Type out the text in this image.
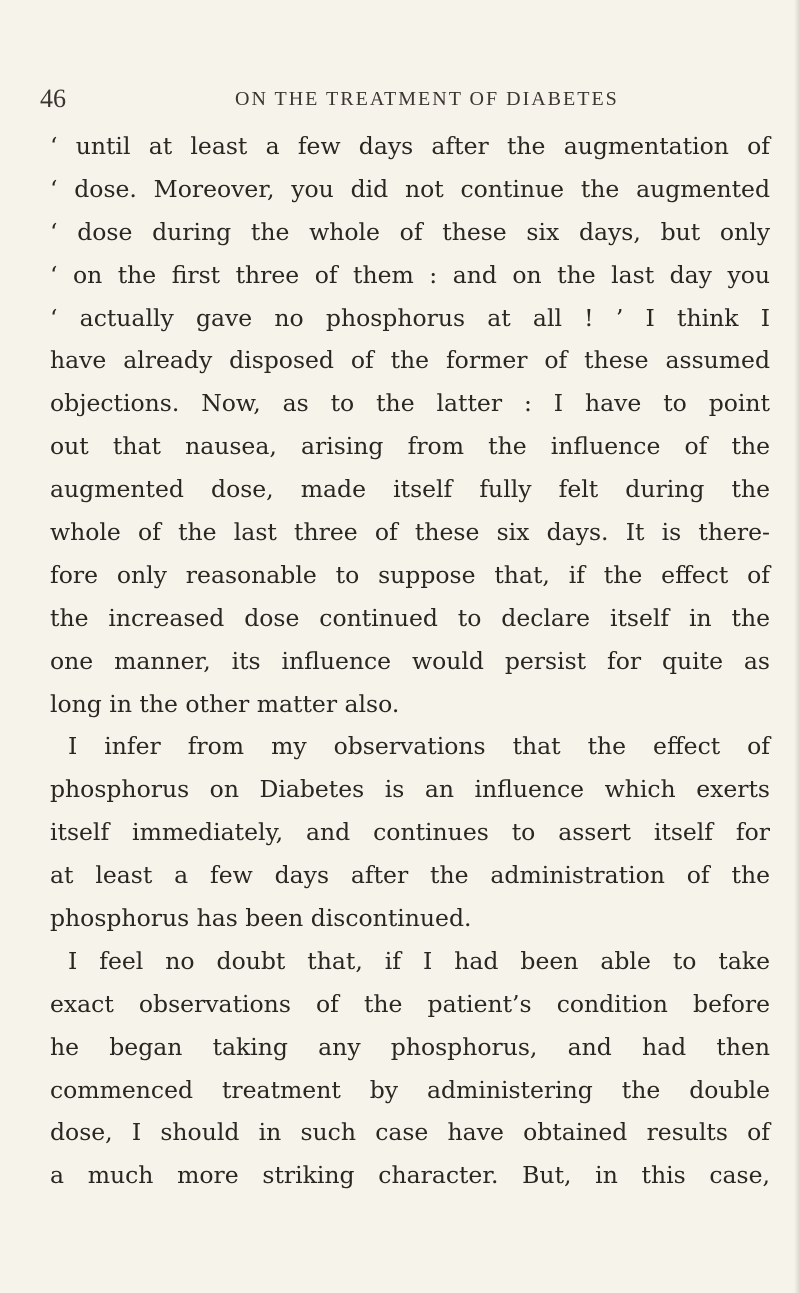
46	ON THE TREATMENT OF DIABETES
‘ until at least a few days after the augmentation of
‘ dose. Moreover, you did not continue the augmented
‘ dose during the whole of these six days, but only
‘ on the first three of them : and on the last day you
‘ actually gave no phosphorus at all ! ’ I think I
have already disposed of the former of these assumed
objections. Now, as to the latter : I have to point
out that nausea, arising from the influence of the
augmented dose, made itself fully felt during the
whole of the last three of these six days. It is there-
fore only reasonable to suppose that, if the effect of
the increased dose continued to declare itself in the
one manner, its influence would persist for quite as
long in the other matter also.
I infer from my observations that the effect of
phosphorus on Diabetes is an influence which exerts
itself immediately, and continues to assert itself for
at least a few days after the administration of the
phosphorus has been discontinued.
I feel no doubt that, if I had been able to take
exact observations of the patient’s condition before
he began taking any phosphorus, and had then
commenced treatment by administering the double
dose, I should in such case have obtained results of
a much more striking character. But, in this case,
